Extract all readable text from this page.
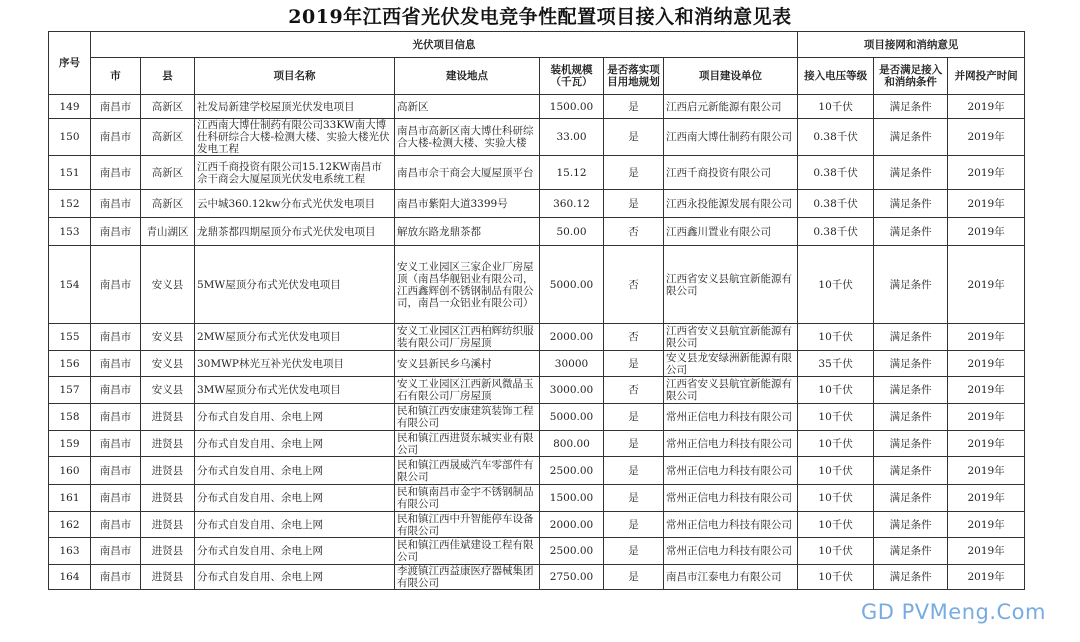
2019年江西省光伏发电竞争性配置项目接入和消纳意见表
序号	光伏项目信息							项目接网和消纳意见		
	市	县	项目名称	建设地点	装机规模（千瓦）	是否落实项目用地规划	项目建设单位	接入电压等级	是否满足接入和消纳条件	并网投产时间
149	南昌市	高新区	社发局新建学校屋顶光伏发电项目	高新区	1500.00	是	江西启元新能源有限公司	10千伏	满足条件	2019年
150	南昌市	高新区	江西南大博仕制药有限公司33KW南大博仕科研综合大楼-检测大楼、实验大楼光伏发电工程	南昌市高新区南大博仕科研综合大楼-检测大楼、实验大楼	33.00	是	江西南大博仕制药有限公司	0.38千伏	满足条件	2019年
151	南昌市	高新区	江西千商投资有限公司15.12KW南昌市佘干商会大厦屋顶光伏发电系统工程	南昌市佘干商会大厦屋顶平台	15.12	是	江西千商投资有限公司	0.38千伏	满足条件	2019年
152	南昌市	高新区	云中城360.12kw分布式光伏发电项目	南昌市紫阳大道3399号	360.12	是	江西永投能源发展有限公司	0.38千伏	满足条件	2019年
153	南昌市	青山湖区	龙鼎茶都四期屋顶分布式光伏发电项目	解放东路龙鼎茶都	50.00	否	江西鑫川置业有限公司	0.38千伏	满足条件	2019年
154	南昌市	安义县	5MW屋顶分布式光伏发电项目	安义工业园区三家企业厂房屋顶（南昌华舰铝业有限公司，江西鑫辉创不锈钢制品有限公司，南昌一众铝业有限公司）	5000.00	否	江西省安义县航宜新能源有限公司	10千伏	满足条件	2019年
155	南昌市	安义县	2MW屋顶分布式光伏发电项目	安义工业园区江西柏辉纺织服装有限公司厂房屋顶	2000.00	否	江西省安义县航宜新能源有限公司	10千伏	满足条件	2019年
156	南昌市	安义县	30MWP林光互补光伏发电项目	安义县新民乡乌溪村	30000	是	安义县龙安绿洲新能源有限公司	35千伏	满足条件	2019年
157	南昌市	安义县	3MW屋顶分布式光伏发电项目	安义工业园区江西新风微晶玉石有限公司厂房屋顶	3000.00	否	江西省安义县航宜新能源有限公司	10千伏	满足条件	2019年
158	南昌市	进贤县	分布式自发自用、余电上网	民和镇江西安康建筑装饰工程有限公司	5000.00	是	常州正信电力科技有限公司	10千伏	满足条件	2019年
159	南昌市	进贤县	分布式自发自用、余电上网	民和镇江西进贤东城实业有限公司	800.00	是	常州正信电力科技有限公司	10千伏	满足条件	2019年
160	南昌市	进贤县	分布式自发自用、余电上网	民和镇江西晟威汽车零部件有限公司	2500.00	是	常州正信电力科技有限公司	10千伏	满足条件	2019年
161	南昌市	进贤县	分布式自发自用、余电上网	民和镇南昌市金宇不锈钢制品有限公司	1500.00	是	常州正信电力科技有限公司	10千伏	满足条件	2019年
162	南昌市	进贤县	分布式自发自用、余电上网	民和镇江西中升智能停车设备有限公司	2000.00	是	常州正信电力科技有限公司	10千伏	满足条件	2019年
163	南昌市	进贤县	分布式自发自用、余电上网	民和镇江西佳斌建设工程有限公司	2500.00	是	常州正信电力科技有限公司	10千伏	满足条件	2019年
164	南昌市	进贤县	分布式自发自用、余电上网	李渡镇江西益康医疗器械集团有限公司	2750.00	是	南昌市江泰电力有限公司	10千伏	满足条件	2019年
GD PVMeng.Com
